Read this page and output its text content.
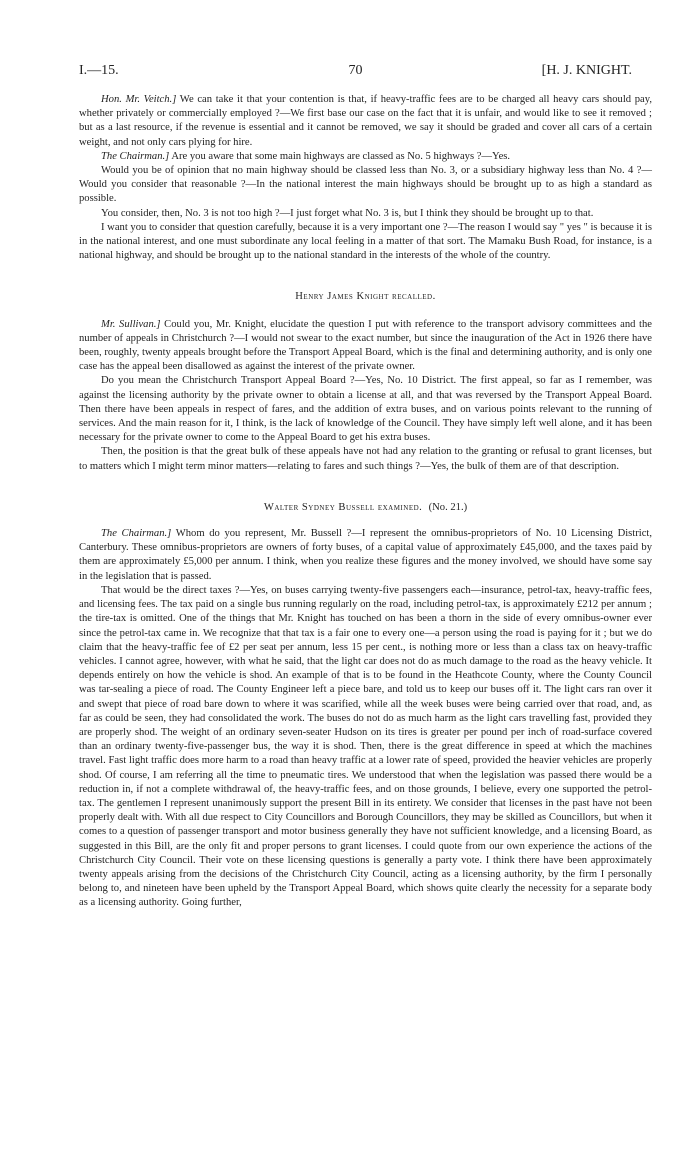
I.—15.	70	[H. J. KNIGHT.

Hon. Mr. Veitch.] We can take it that your contention is that, if heavy-traffic fees are to be charged all heavy cars should pay, whether privately or commercially employed ?—We first base our case on the fact that it is unfair, and would like to see it removed ; but as a last resource, if the revenue is essential and it cannot be removed, we say it should be graded and cover all cars of a certain weight, and not only cars plying for hire.

The Chairman.] Are you aware that some main highways are classed as No. 5 highways ?—Yes.

Would you be of opinion that no main highway should be classed less than No. 3, or a subsidiary highway less than No. 4 ?—Would you consider that reasonable ?—In the national interest the main highways should be brought up to as high a standard as possible.

You consider, then, No. 3 is not too high ?—I just forget what No. 3 is, but I think they should be brought up to that.

I want you to consider that question carefully, because it is a very important one ?—The reason I would say " yes " is because it is in the national interest, and one must subordinate any local feeling in a matter of that sort. The Mamaku Bush Road, for instance, is a national highway, and should be brought up to the national standard in the interests of the whole of the country.

Henry James Knight recalled.

Mr. Sullivan.] Could you, Mr. Knight, elucidate the question I put with reference to the transport advisory committees and the number of appeals in Christchurch ?—I would not swear to the exact number, but since the inauguration of the Act in 1926 there have been, roughly, twenty appeals brought before the Transport Appeal Board, which is the final and determining authority, and is only one case has the appeal been disallowed as against the interest of the private owner.

Do you mean the Christchurch Transport Appeal Board ?—Yes, No. 10 District. The first appeal, so far as I remember, was against the licensing authority by the private owner to obtain a license at all, and that was reversed by the Transport Appeal Board. Then there have been appeals in respect of fares, and the addition of extra buses, and on various points relevant to the running of services. And the main reason for it, I think, is the lack of knowledge of the Council. They have simply left well alone, and it has been necessary for the private owner to come to the Appeal Board to get his extra buses.

Then, the position is that the great bulk of these appeals have not had any relation to the granting or refusal to grant licenses, but to matters which I might term minor matters—relating to fares and such things ?—Yes, the bulk of them are of that description.

Walter Sydney Bussell examined. (No. 21.)

The Chairman.] Whom do you represent, Mr. Bussell ?—I represent the omnibus-proprietors of No. 10 Licensing District, Canterbury. These omnibus-proprietors are owners of forty buses, of a capital value of approximately £45,000, and the taxes paid by them are approximately £5,000 per annum. I think, when you realize these figures and the money involved, we should have some say in the legislation that is passed.

That would be the direct taxes ?—Yes, on buses carrying twenty-five passengers each—insurance, petrol-tax, heavy-traffic fees, and licensing fees. The tax paid on a single bus running regularly on the road, including petrol-tax, is approximately £212 per annum ; the tire-tax is omitted. One of the things that Mr. Knight has touched on has been a thorn in the side of every omnibus-owner ever since the petrol-tax came in. We recognize that that tax is a fair one to every one—a person using the road is paying for it ; but we do claim that the heavy-traffic fee of £2 per seat per annum, less 15 per cent., is nothing more or less than a class tax on heavy-traffic vehicles. I cannot agree, however, with what he said, that the light car does not do as much damage to the road as the heavy vehicle. It depends entirely on how the vehicle is shod. An example of that is to be found in the Heathcote County, where the County Council was tar-sealing a piece of road. The County Engineer left a piece bare, and told us to keep our buses off it. The light cars ran over it and swept that piece of road bare down to where it was scarified, while all the week buses were being carried over that road, and, as far as could be seen, they had consolidated the work. The buses do not do as much harm as the light cars travelling fast, provided they are properly shod. The weight of an ordinary seven-seater Hudson on its tires is greater per pound per inch of road-surface covered than an ordinary twenty-five-passenger bus, the way it is shod. Then, there is the great difference in speed at which the machines travel. Fast light traffic does more harm to a road than heavy traffic at a lower rate of speed, provided the heavier vehicles are properly shod. Of course, I am referring all the time to pneumatic tires. We understood that when the legislation was passed there would be a reduction in, if not a complete withdrawal of, the heavy-traffic fees, and on those grounds, I believe, every one supported the petrol-tax. The gentlemen I represent unanimously support the present Bill in its entirety. We consider that licenses in the past have not been properly dealt with. With all due respect to City Councillors and Borough Councillors, they may be skilled as Councillors, but when it comes to a question of passenger transport and motor business generally they have not sufficient knowledge, and a licensing Board, as suggested in this Bill, are the only fit and proper persons to grant licenses. I could quote from our own experience the actions of the Christchurch City Council. Their vote on these licensing questions is generally a party vote. I think there have been approximately twenty appeals arising from the decisions of the Christchurch City Council, acting as a licensing authority, by the firm I personally belong to, and nineteen have been upheld by the Transport Appeal Board, which shows quite clearly the necessity for a separate body as a licensing authority. Going further,
